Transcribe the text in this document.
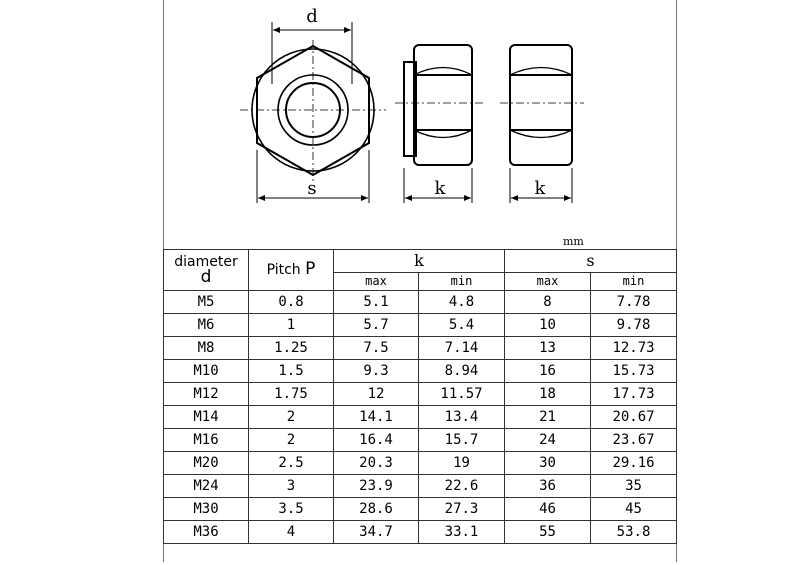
d
s	k	k
mm
diameter
d	Pitch P	k		s	
		max	min	max	min
M5	0.8	5.1	4.8	8	7.78
M6	1	5.7	5.4	10	9.78
M8	1.25	7.5	7.14	13	12.73
M10	1.5	9.3	8.94	16	15.73
M12	1.75	12	11.57	18	17.73
M14	2	14.1	13.4	21	20.67
M16	2	16.4	15.7	24	23.67
M20	2.5	20.3	19	30	29.16
M24	3	23.9	22.6	36	35
M30	3.5	28.6	27.3	46	45
M36	4	34.7	33.1	55	53.8
